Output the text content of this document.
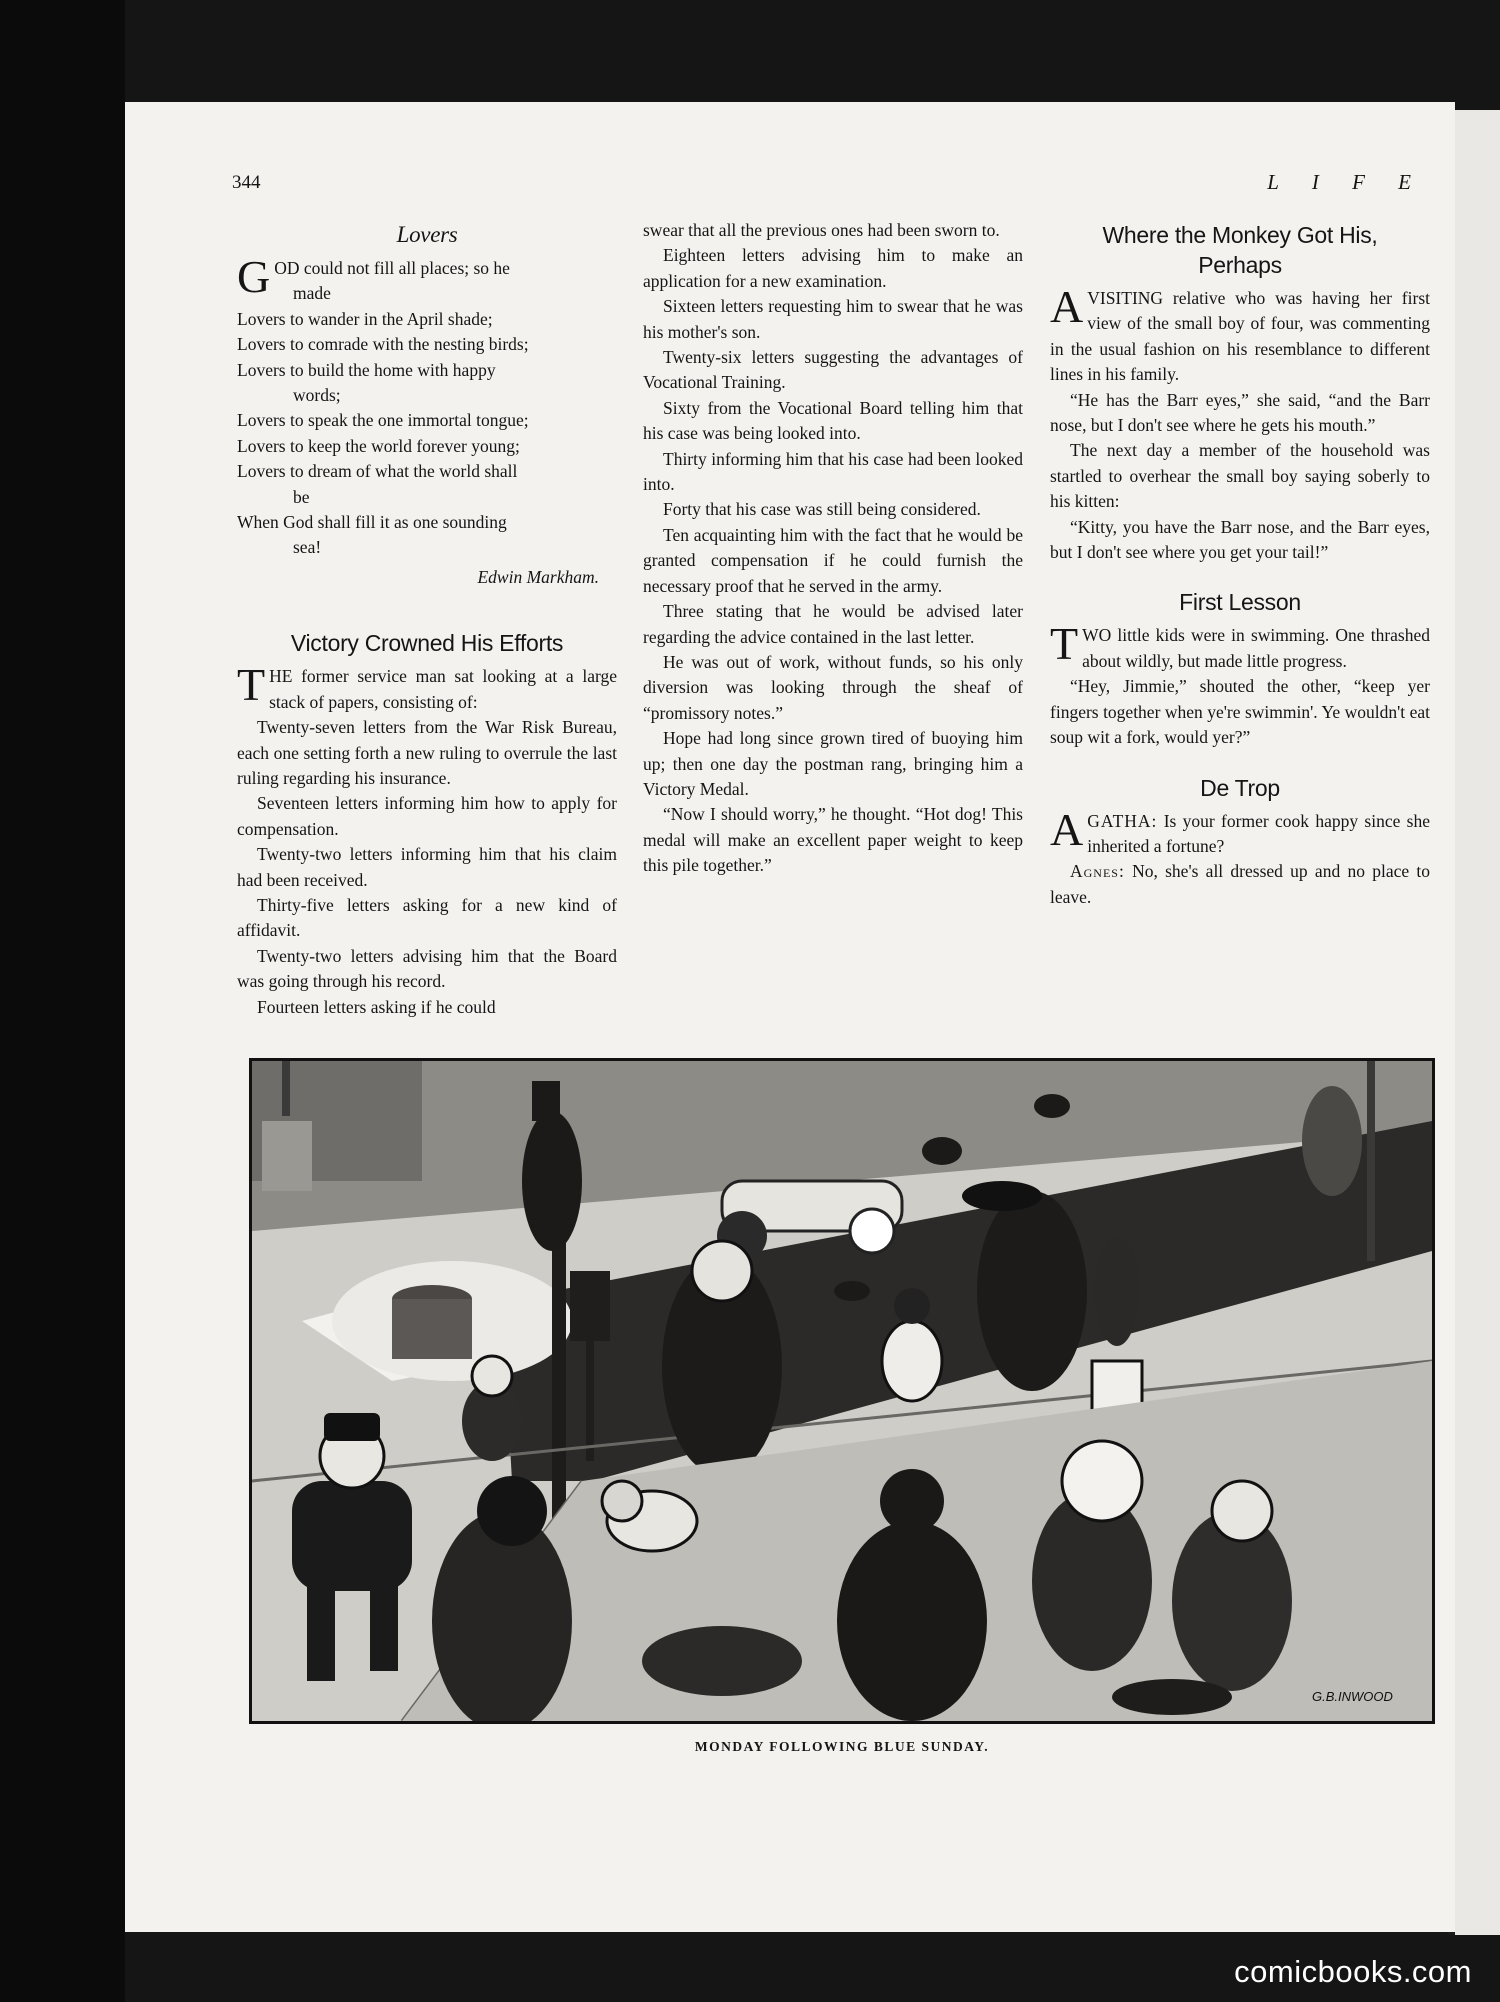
344	L I F E
Lovers

GOD could not fill all places; so he

made

Lovers to wander in the April shade;

Lovers to comrade with the nesting birds;

Lovers to build the home with happy

words;

Lovers to speak the one immortal tongue;

Lovers to keep the world forever young;

Lovers to dream of what the world shall

be

When God shall fill it as one sounding

sea!

Edwin Markham.

Victory Crowned His Efforts

THE former service man sat looking at a large stack of papers, consisting of:

Twenty-seven letters from the War Risk Bureau, each one setting forth a new ruling to overrule the last ruling regarding his insurance.

Seventeen letters informing him how to apply for compensation.

Twenty-two letters informing him that his claim had been received.

Thirty-five letters asking for a new kind of affidavit.

Twenty-two letters advising him that the Board was going through his record.

Fourteen letters asking if he could

swear that all the previous ones had been sworn to.

Eighteen letters advising him to make an application for a new examination.

Sixteen letters requesting him to swear that he was his mother's son.

Twenty-six letters suggesting the advantages of Vocational Training.

Sixty from the Vocational Board telling him that his case was being looked into.

Thirty informing him that his case had been looked into.

Forty that his case was still being considered.

Ten acquainting him with the fact that he would be granted compensation if he could furnish the necessary proof that he served in the army.

Three stating that he would be advised later regarding the advice contained in the last letter.

He was out of work, without funds, so his only diversion was looking through the sheaf of “promissory notes.”

Hope had long since grown tired of buoying him up; then one day the postman rang, bringing him a Victory Medal.

“Now I should worry,” he thought. “Hot dog! This medal will make an excellent paper weight to keep this pile together.”

Where the Monkey Got His,
Perhaps

AVISITING relative who was having her first view of the small boy of four, was commenting in the usual fashion on his resemblance to different lines in his family.

“He has the Barr eyes,” she said, “and the Barr nose, but I don't see where he gets his mouth.”

The next day a member of the household was startled to overhear the small boy saying soberly to his kitten:

“Kitty, you have the Barr nose, and the Barr eyes, but I don't see where you get your tail!”

First Lesson

TWO little kids were in swimming. One thrashed about wildly, but made little progress.

“Hey, Jimmie,” shouted the other, “keep yer fingers together when ye're swimmin'. Ye wouldn't eat soup wit a fork, would yer?”

De Trop

AGATHA: Is your former cook happy since she inherited a fortune?

Agnes: No, she's all dressed up and no place to leave.

G.B.INWOOD
MONDAY FOLLOWING BLUE SUNDAY.
comicbooks.com
